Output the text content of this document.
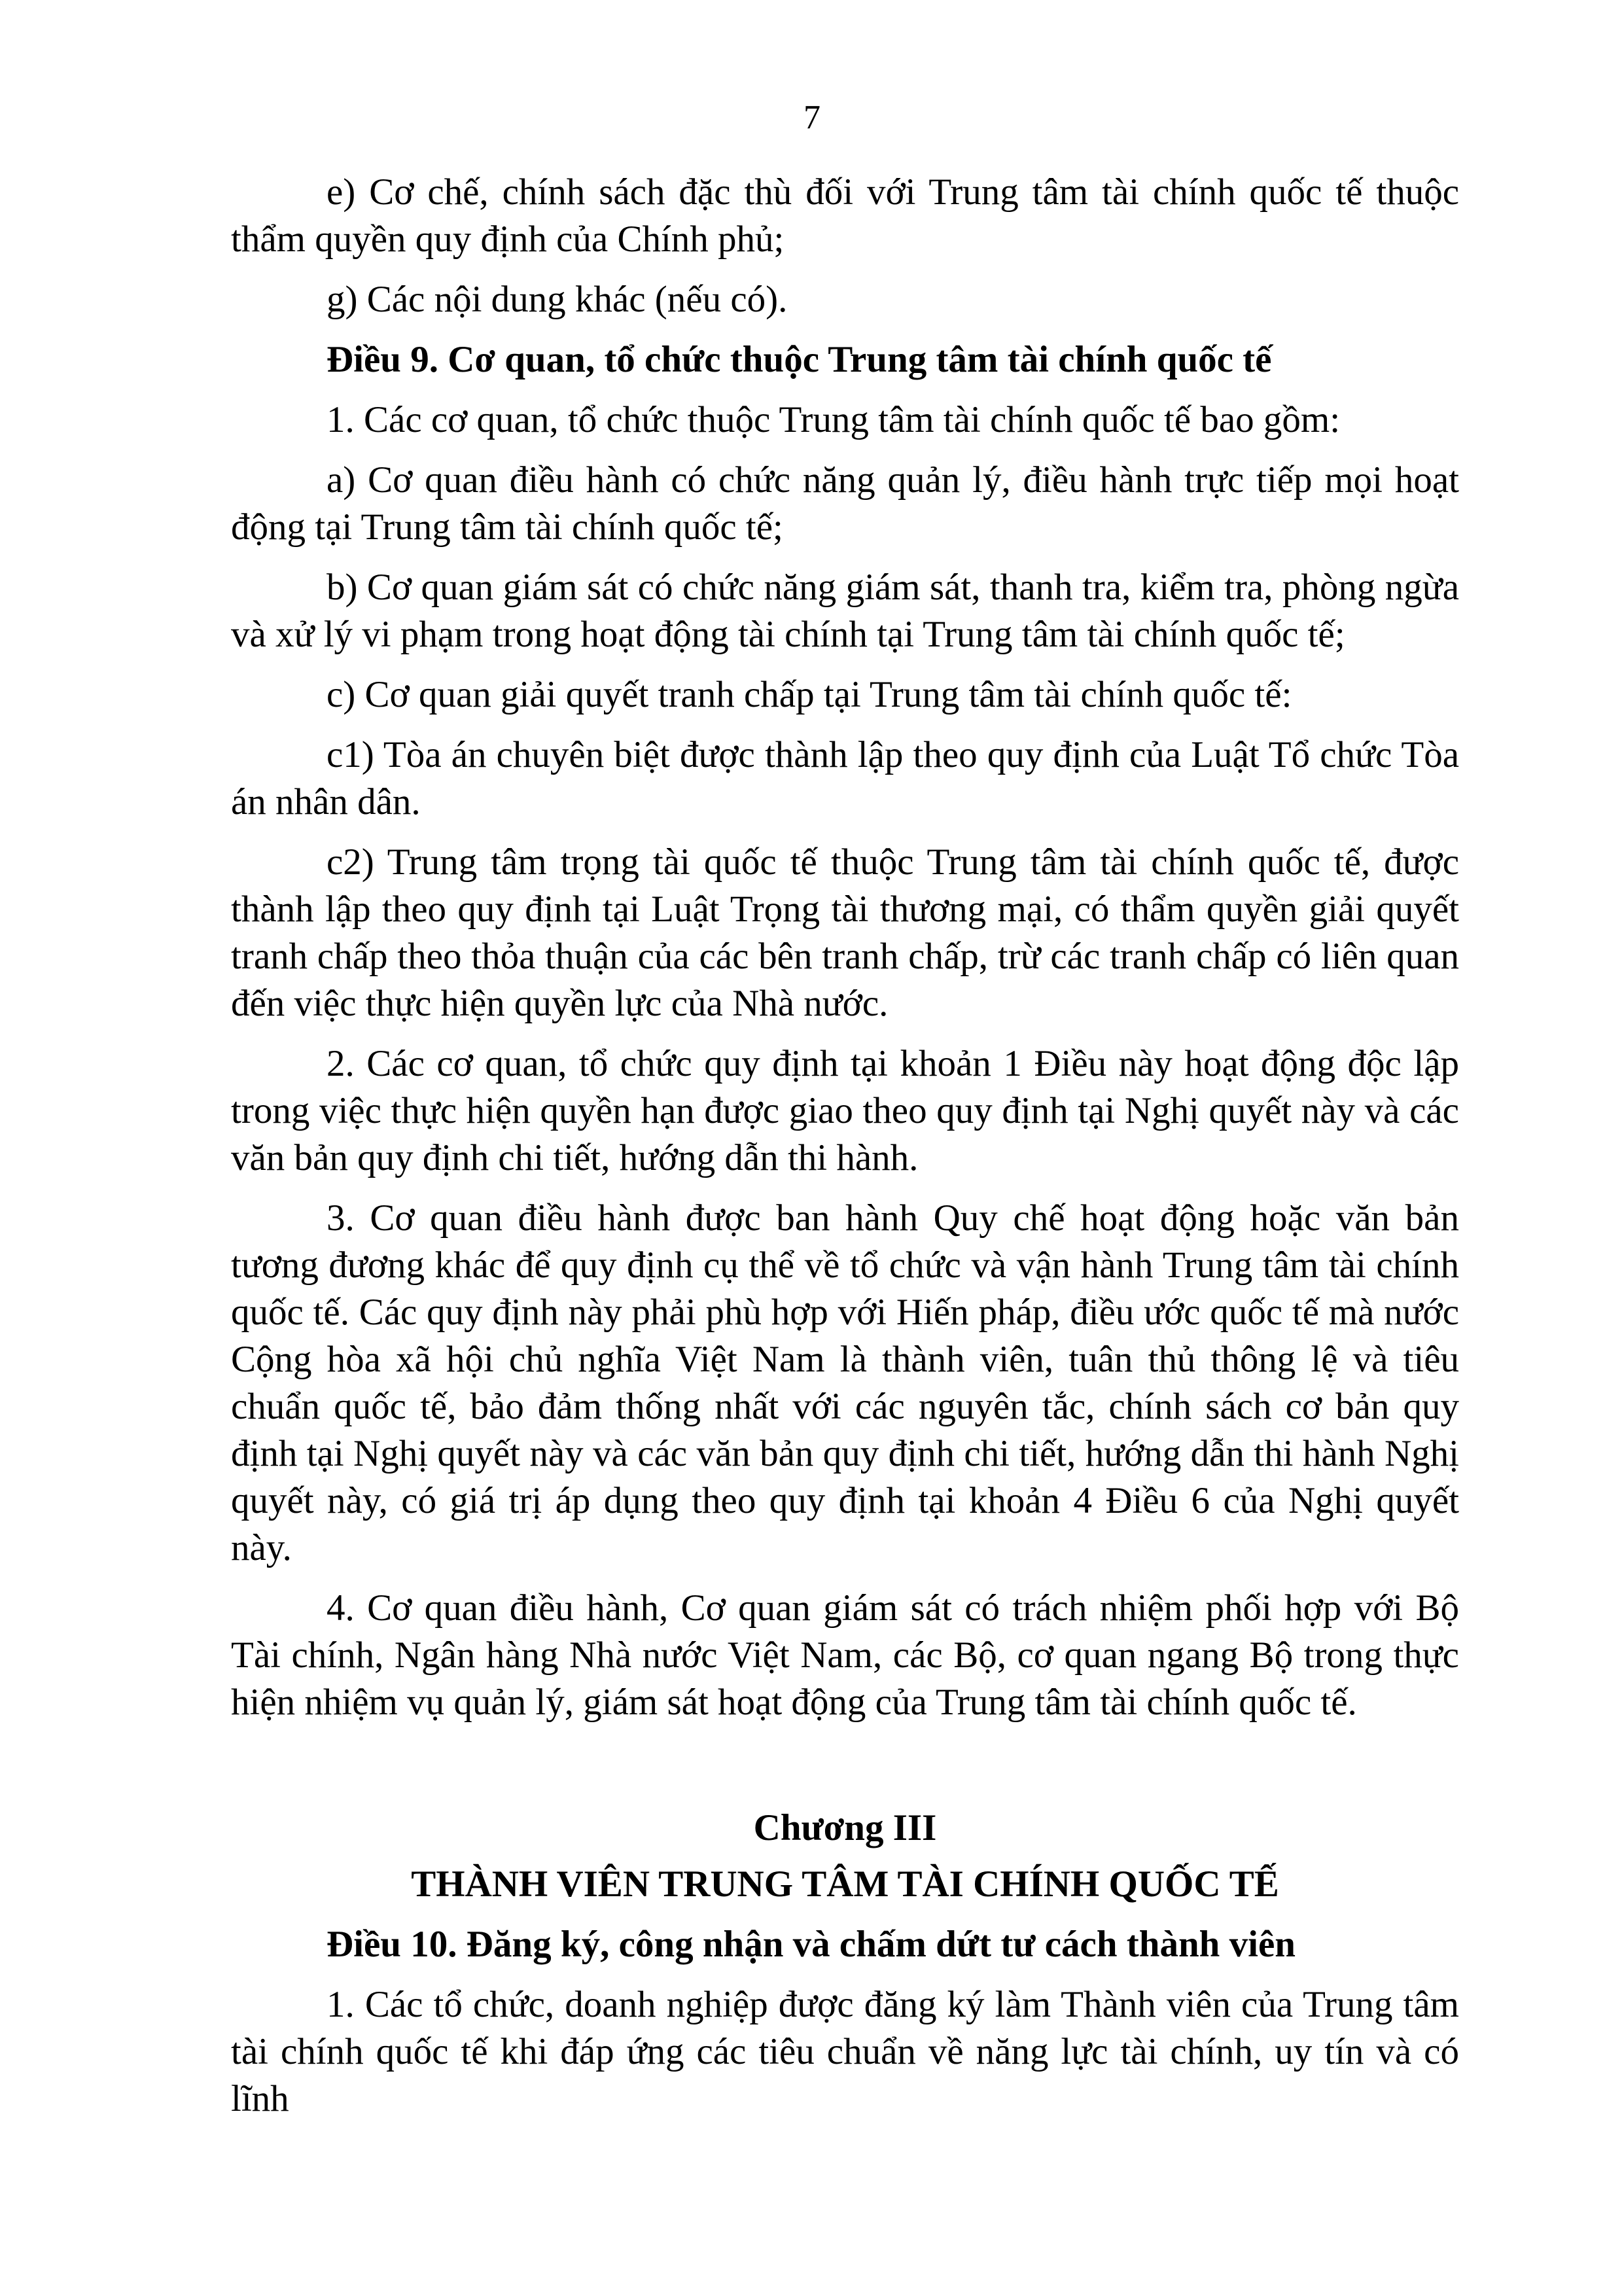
7

e) Cơ chế, chính sách đặc thù đối với Trung tâm tài chính quốc tế thuộc thẩm quyền quy định của Chính phủ;

g) Các nội dung khác (nếu có).

Điều 9. Cơ quan, tổ chức thuộc Trung tâm tài chính quốc tế

1. Các cơ quan, tổ chức thuộc Trung tâm tài chính quốc tế bao gồm:

a) Cơ quan điều hành có chức năng quản lý, điều hành trực tiếp mọi hoạt động tại Trung tâm tài chính quốc tế;

b) Cơ quan giám sát có chức năng giám sát, thanh tra, kiểm tra, phòng ngừa và xử lý vi phạm trong hoạt động tài chính tại Trung tâm tài chính quốc tế;

c) Cơ quan giải quyết tranh chấp tại Trung tâm tài chính quốc tế:

c1) Tòa án chuyên biệt được thành lập theo quy định của Luật Tổ chức Tòa án nhân dân.

c2) Trung tâm trọng tài quốc tế thuộc Trung tâm tài chính quốc tế, được thành lập theo quy định tại Luật Trọng tài thương mại, có thẩm quyền giải quyết tranh chấp theo thỏa thuận của các bên tranh chấp, trừ các tranh chấp có liên quan đến việc thực hiện quyền lực của Nhà nước.

2. Các cơ quan, tổ chức quy định tại khoản 1 Điều này hoạt động độc lập trong việc thực hiện quyền hạn được giao theo quy định tại Nghị quyết này và các văn bản quy định chi tiết, hướng dẫn thi hành.

3. Cơ quan điều hành được ban hành Quy chế hoạt động hoặc văn bản tương đương khác để quy định cụ thể về tổ chức và vận hành Trung tâm tài chính quốc tế. Các quy định này phải phù hợp với Hiến pháp, điều ước quốc tế mà nước Cộng hòa xã hội chủ nghĩa Việt Nam là thành viên, tuân thủ thông lệ và tiêu chuẩn quốc tế, bảo đảm thống nhất với các nguyên tắc, chính sách cơ bản quy định tại Nghị quyết này và các văn bản quy định chi tiết, hướng dẫn thi hành Nghị quyết này, có giá trị áp dụng theo quy định tại khoản 4 Điều 6 của Nghị quyết này.

4. Cơ quan điều hành, Cơ quan giám sát có trách nhiệm phối hợp với Bộ Tài chính, Ngân hàng Nhà nước Việt Nam, các Bộ, cơ quan ngang Bộ trong thực hiện nhiệm vụ quản lý, giám sát hoạt động của Trung tâm tài chính quốc tế.

Chương III

THÀNH VIÊN TRUNG TÂM TÀI CHÍNH QUỐC TẾ

Điều 10. Đăng ký, công nhận và chấm dứt tư cách thành viên

1. Các tổ chức, doanh nghiệp được đăng ký làm Thành viên của Trung tâm tài chính quốc tế khi đáp ứng các tiêu chuẩn về năng lực tài chính, uy tín và có lĩnh
